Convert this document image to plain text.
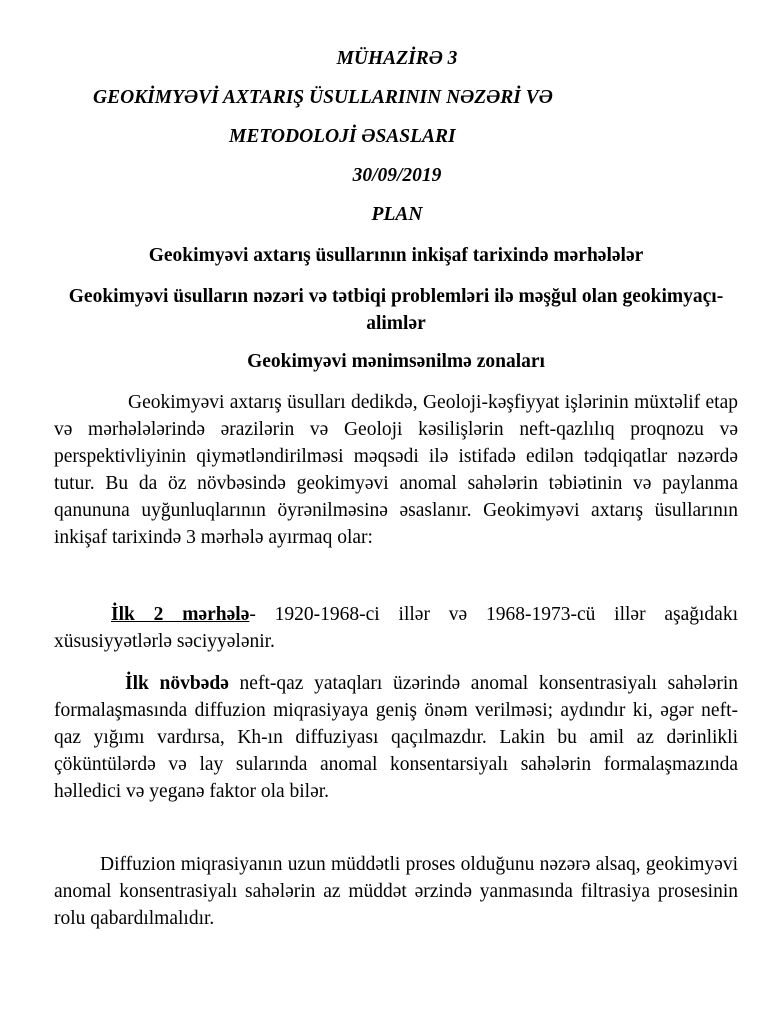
MÜHAZİRƏ 3
GEOKİMYƏVİ AXTARIŞ ÜSULLARININ NƏZƏRİ VƏ
METODOLOJİ ƏSASLARI
30/09/2019
PLAN
Geokimyəvi axtarış üsullarının inkişaf tarixində mərhələlər
Geokimyəvi üsulların nəzəri və tətbiqi problemləri ilə məşğul olan geokimyaçı-alimlər
Geokimyəvi mənimsənilmə zonaları

Geokimyəvi axtarış üsulları dedikdə, Geoloji-kəşfiyyat işlərinin müxtəlif etap və mərhələlərində ərazilərin və Geoloji kəsilişlərin neft-qazlılıq proqnozu və perspektivliyinin qiymətləndirilməsi məqsədi ilə istifadə edilən tədqiqatlar nəzərdə tutur. Bu da öz növbəsində geokimyəvi anomal sahələrin təbiətinin və paylanma qanununa uyğunluqlarının öyrənilməsinə əsaslanır. Geokimyəvi axtarış üsullarının inkişaf tarixində 3 mərhələ ayırmaq olar:

İlk 2 mərhələ- 1920-1968-ci illər və 1968-1973-cü illər aşağıdakı xüsusiyyətlərlə səciyyələnir.

İlk növbədə neft-qaz yataqları üzərində anomal konsentrasiyalı sahələrin formalaşmasında diffuzion miqrasiyaya geniş önəm verilməsi; aydındır ki, əgər neft-qaz yığımı vardırsa, Kh-ın diffuziyası qaçılmazdır. Lakin bu amil az dərinlikli çöküntülərdə və lay sularında anomal konsentarsiyalı sahələrin formalaşmazında həlledici və yeganə faktor ola bilər.

Diffuzion miqrasiyanın uzun müddətli proses olduğunu nəzərə alsaq, geokimyəvi anomal konsentrasiyalı sahələrin az müddət ərzində yanmasında filtrasiya prosesinin rolu qabardılmalıdır.
